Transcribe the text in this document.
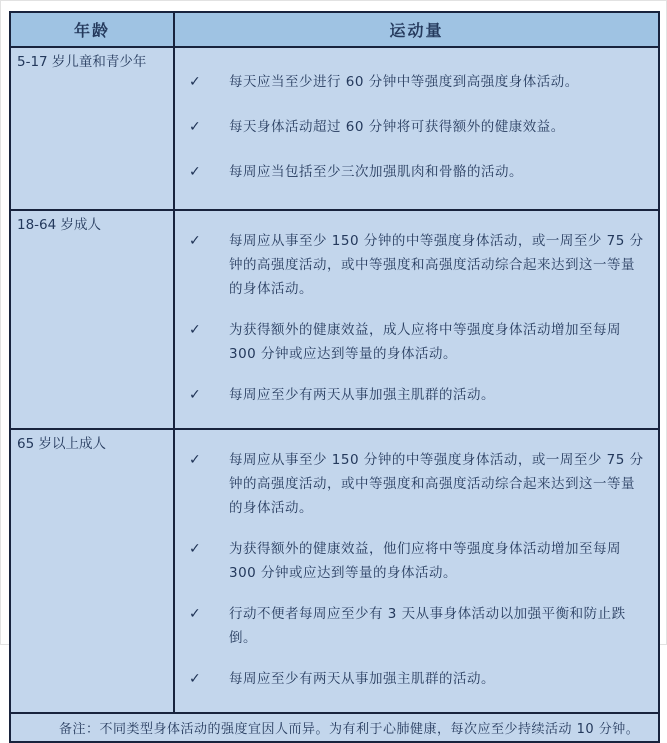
年龄	运动量
5-17 岁儿童和青少年
✓	每天应当至少进行 60 分钟中等强度到高强度身体活动。
✓	每天身体活动超过 60 分钟将可获得额外的健康效益。
✓	每周应当包括至少三次加强肌肉和骨骼的活动。
18-64 岁成人
✓	每周应从事至少 150 分钟的中等强度身体活动，或一周至少 75 分钟的高强度活动，或中等强度和高强度活动综合起来达到这一等量的身体活动。
✓	为获得额外的健康效益，成人应将中等强度身体活动增加至每周 300 分钟或应达到等量的身体活动。
✓	每周应至少有两天从事加强主肌群的活动。
65 岁以上成人
✓	每周应从事至少 150 分钟的中等强度身体活动，或一周至少 75 分钟的高强度活动，或中等强度和高强度活动综合起来达到这一等量的身体活动。
✓	为获得额外的健康效益，他们应将中等强度身体活动增加至每周 300 分钟或应达到等量的身体活动。
✓	行动不便者每周应至少有 3 天从事身体活动以加强平衡和防止跌倒。
✓	每周应至少有两天从事加强主肌群的活动。
备注：不同类型身体活动的强度宜因人而异。为有利于心肺健康，每次应至少持续活动 10 分钟。
